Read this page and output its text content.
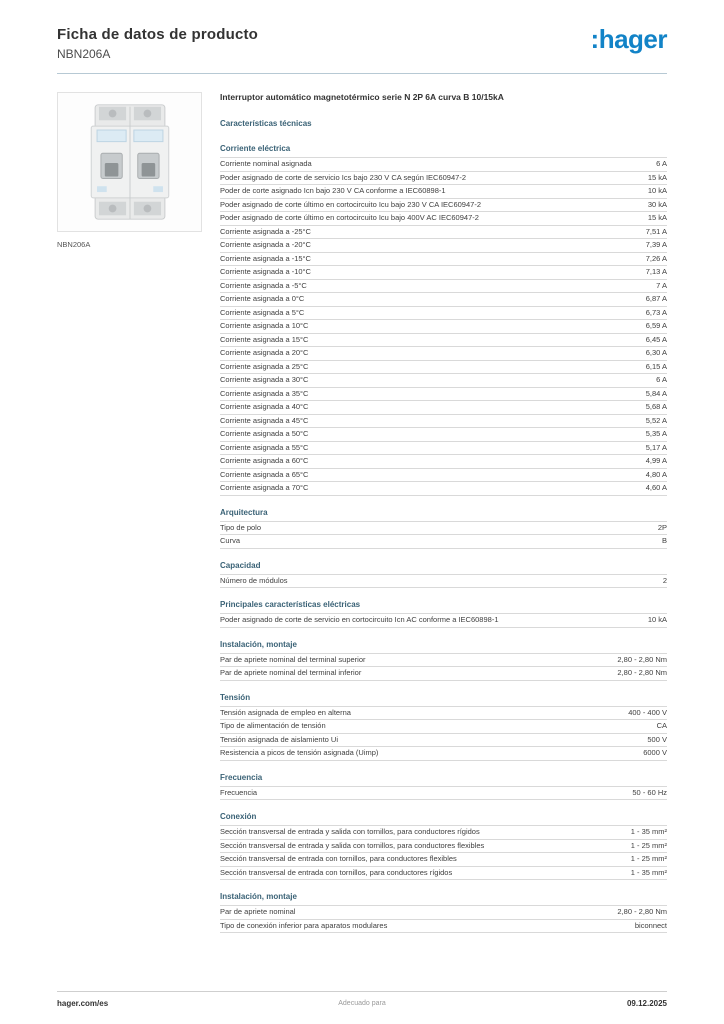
Ficha de datos de producto
NBN206A	:hager
NBN206A
Interruptor automático magnetotérmico serie N 2P 6A curva B 10/15kA
Características técnicas
Corriente eléctrica
Corriente nominal asignada	6 A
Poder asignado de corte de servicio Ics bajo 230 V CA según IEC60947-2	15 kA
Poder de corte asignado Icn bajo 230 V CA conforme a IEC60898-1	10 kA
Poder asignado de corte último en cortocircuito Icu bajo 230 V CA IEC60947-2	30 kA
Poder asignado de corte último en cortocircuito Icu bajo 400V AC IEC60947-2	15 kA
Corriente asignada a -25°C	7,51 A
Corriente asignada a -20°C	7,39 A
Corriente asignada a -15°C	7,26 A
Corriente asignada a -10°C	7,13 A
Corriente asignada a -5°C	7 A
Corriente asignada a 0°C	6,87 A
Corriente asignada a 5°C	6,73 A
Corriente asignada a 10°C	6,59 A
Corriente asignada a 15°C	6,45 A
Corriente asignada a 20°C	6,30 A
Corriente asignada a 25°C	6,15 A
Corriente asignada a 30°C	6 A
Corriente asignada a 35°C	5,84 A
Corriente asignada a 40°C	5,68 A
Corriente asignada a 45°C	5,52 A
Corriente asignada a 50°C	5,35 A
Corriente asignada a 55°C	5,17 A
Corriente asignada a 60°C	4,99 A
Corriente asignada a 65°C	4,80 A
Corriente asignada a 70°C	4,60 A
Arquitectura
Tipo de polo	2P
Curva	B
Capacidad
Número de módulos	2
Principales características eléctricas
Poder asignado de corte de servicio en cortocircuito Icn AC conforme a IEC60898-1	10 kA
Instalación, montaje
Par de apriete nominal del terminal superior	2,80 - 2,80 Nm
Par de apriete nominal del terminal inferior	2,80 - 2,80 Nm
Tensión
Tensión asignada de empleo en alterna	400 - 400 V
Tipo de alimentación de tensión	CA
Tensión asignada de aislamiento Ui	500 V
Resistencia a picos de tensión asignada (Uimp)	6000 V
Frecuencia
Frecuencia	50 - 60 Hz
Conexión
Sección transversal de entrada y salida con tornillos, para conductores rígidos	1 - 35 mm²
Sección transversal de entrada y salida con tornillos, para conductores flexibles	1 - 25 mm²
Sección transversal de entrada con tornillos, para conductores flexibles	1 - 25 mm²
Sección transversal de entrada con tornillos, para conductores rígidos	1 - 35 mm²
Instalación, montaje
Par de apriete nominal	2,80 - 2,80 Nm
Tipo de conexión inferior para aparatos modulares	biconnect
hager.com/es	Adecuado para	09.12.2025
